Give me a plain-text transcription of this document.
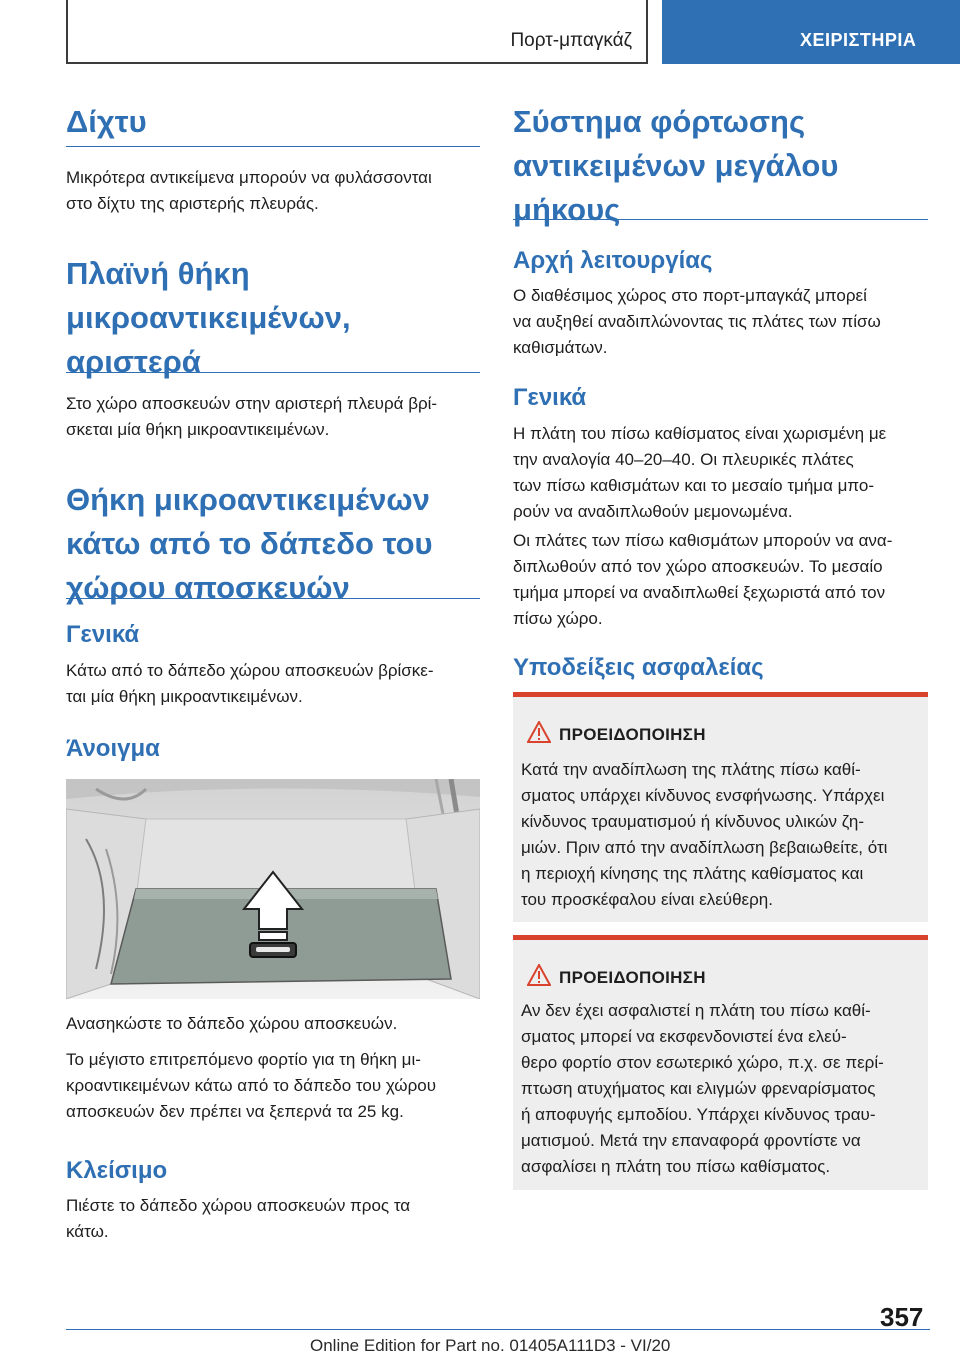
Πορτ-μπαγκάζ	ΧΕΙΡΙΣΤΗΡΙΑ
Δίχτυ
Μικρότερα αντικείμενα μπορούν να φυλάσσονται
στο δίχτυ της αριστερής πλευράς.
Πλαϊνή θήκη
μικροαντικειμένων,
αριστερά
Στο χώρο αποσκευών στην αριστερή πλευρά βρί-
σκεται μία θήκη μικροαντικειμένων.
Θήκη μικροαντικειμένων
κάτω από το δάπεδο του
χώρου αποσκευών
Γενικά
Κάτω από το δάπεδο χώρου αποσκευών βρίσκε-
ται μία θήκη μικροαντικειμένων.
Άνοιγμα
Ανασηκώστε το δάπεδο χώρου αποσκευών.
Το μέγιστο επιτρεπόμενο φορτίο για τη θήκη μι-
κροαντικειμένων κάτω από το δάπεδο του χώρου
αποσκευών δεν πρέπει να ξεπερνά τα 25 kg.
Κλείσιμο
Πιέστε το δάπεδο χώρου αποσκευών προς τα
κάτω.
Σύστημα φόρτωσης
αντικειμένων μεγάλου
μήκους
Αρχή λειτουργίας
Ο διαθέσιμος χώρος στο πορτ-μπαγκάζ μπορεί
να αυξηθεί αναδιπλώνοντας τις πλάτες των πίσω
καθισμάτων.
Γενικά
Η πλάτη του πίσω καθίσματος είναι χωρισμένη με
την αναλογία 40–20–40. Οι πλευρικές πλάτες
των πίσω καθισμάτων και το μεσαίο τμήμα μπο-
ρούν να αναδιπλωθούν μεμονωμένα.
Οι πλάτες των πίσω καθισμάτων μπορούν να ανα-
διπλωθούν από τον χώρο αποσκευών. Το μεσαίο
τμήμα μπορεί να αναδιπλωθεί ξεχωριστά από τον
πίσω χώρο.
Υποδείξεις ασφαλείας
ΠΡΟΕΙΔΟΠΟΙΗΣΗ
Κατά την αναδίπλωση της πλάτης πίσω καθί-
σματος υπάρχει κίνδυνος ενσφήνωσης. Υπάρχει
κίνδυνος τραυματισμού ή κίνδυνος υλικών ζη-
μιών. Πριν από την αναδίπλωση βεβαιωθείτε, ότι
η περιοχή κίνησης της πλάτης καθίσματος και
του προσκέφαλου είναι ελεύθερη.
ΠΡΟΕΙΔΟΠΟΙΗΣΗ
Αν δεν έχει ασφαλιστεί η πλάτη του πίσω καθί-
σματος μπορεί να εκσφενδονιστεί ένα ελεύ-
θερο φορτίο στον εσωτερικό χώρο, π.χ. σε περί-
πτωση ατυχήματος και ελιγμών φρεναρίσματος
ή αποφυγής εμποδίου. Υπάρχει κίνδυνος τραυ-
ματισμού. Μετά την επαναφορά φροντίστε να
ασφαλίσει η πλάτη του πίσω καθίσματος.
357
Online Edition for Part no. 01405A111D3 - VI/20
